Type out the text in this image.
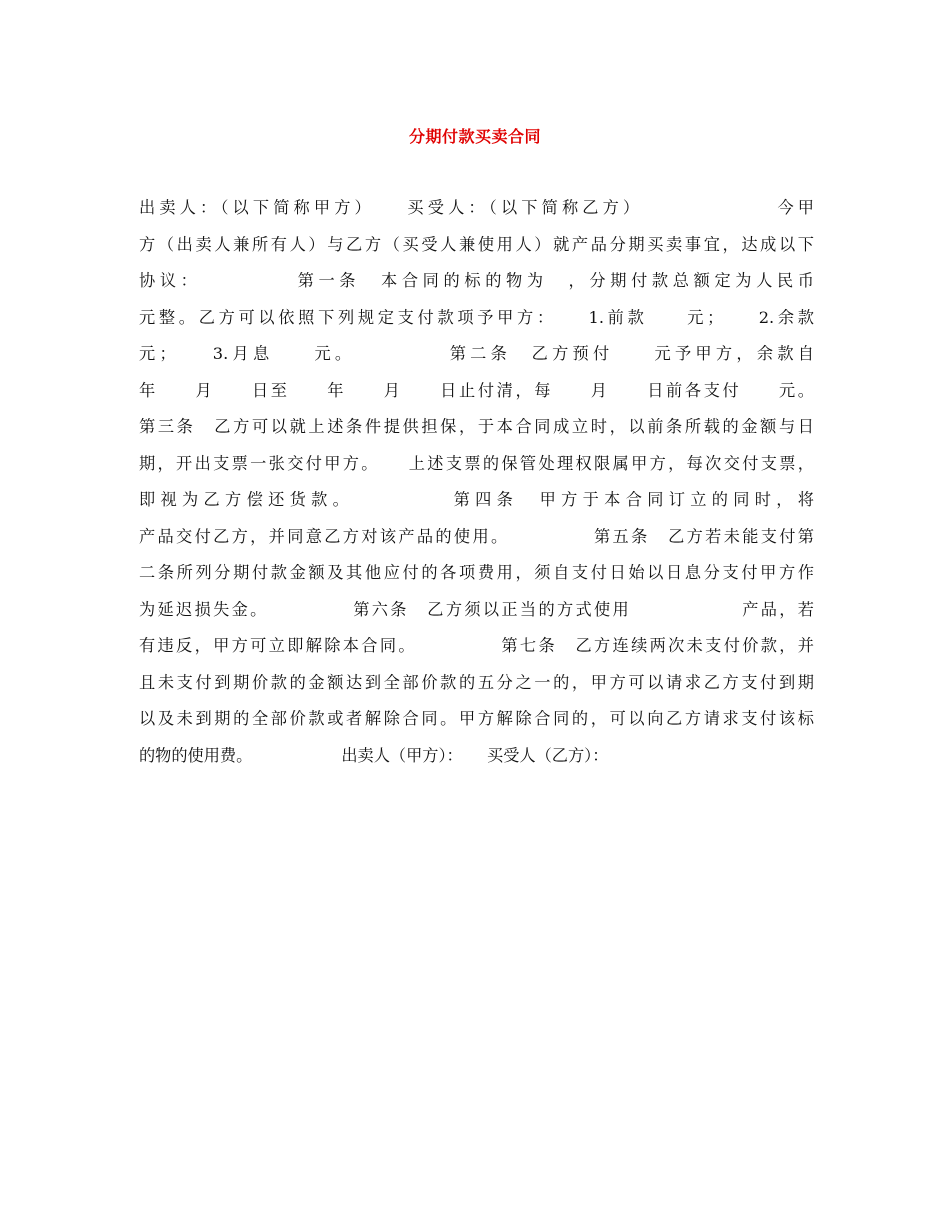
分期付款买卖合同
出卖人：（以下简称甲方）　　买受人：（以下简称乙方）　　　　　　　今甲
方（出卖人兼所有人）与乙方（买受人兼使用人）就产品分期买卖事宜，达成以下
协议：　　　　　第一条　本合同的标的物为　，分期付款总额定为人民币
元整。乙方可以依照下列规定支付款项予甲方：　　1.前款　　元；　　2.余款
元；　　3.月息　　元。　　　　　第二条　乙方预付　　元予甲方，余款自
年　　月　　日至　　年　　月　　日止付清，每　　月　　日前各支付　　元。
第三条　乙方可以就上述条件提供担保，于本合同成立时，以前条所载的金额与日
期，开出支票一张交付甲方。　　上述支票的保管处理权限属甲方，每次交付支票，
即视为乙方偿还货款。　　　　　第四条　甲方于本合同订立的同时，将
产品交付乙方，并同意乙方对该产品的使用。　　　　　第五条　乙方若未能支付第
二条所列分期付款金额及其他应付的各项费用，须自支付日始以日息分支付甲方作
为延迟损失金。　　　　　第六条　乙方须以正当的方式使用　　　　　　产品，若
有违反，甲方可立即解除本合同。　　　　　第七条　乙方连续两次未支付价款，并
且未支付到期价款的金额达到全部价款的五分之一的，甲方可以请求乙方支付到期
以及未到期的全部价款或者解除合同。甲方解除合同的，可以向乙方请求支付该标
的物的使用费。　　　　　　出卖人（甲方）：　　买受人（乙方）：
